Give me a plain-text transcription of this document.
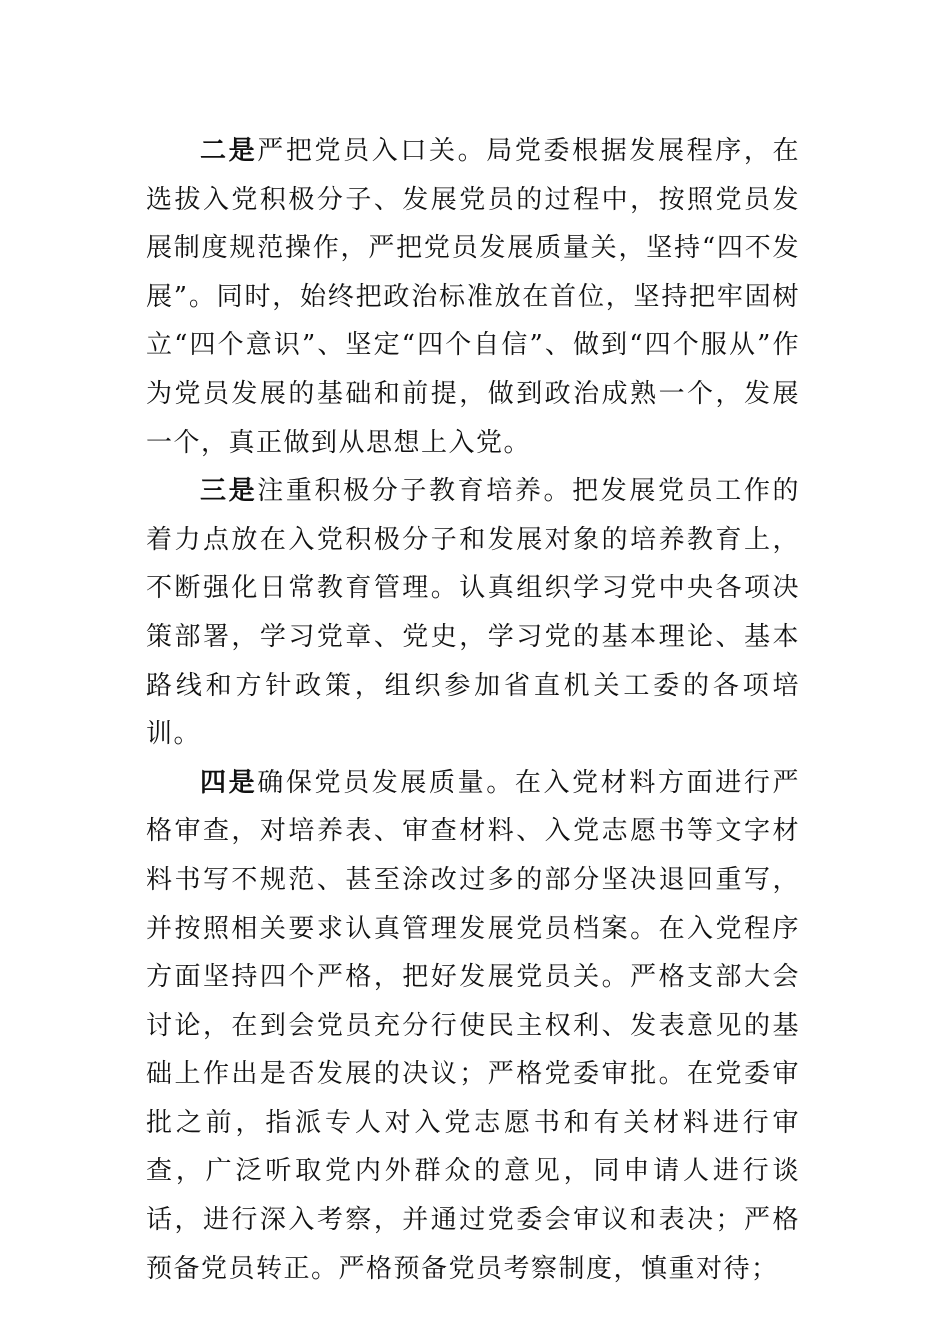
二是严把党员入口关。局党委根据发展程序，在选拔入党积极分子、发展党员的过程中，按照党员发展制度规范操作，严把党员发展质量关，坚持“四不发展”。同时，始终把政治标准放在首位，坚持把牢固树立“四个意识”、坚定“四个自信”、做到“四个服从”作为党员发展的基础和前提，做到政治成熟一个，发展一个，真正做到从思想上入党。

三是注重积极分子教育培养。把发展党员工作的着力点放在入党积极分子和发展对象的培养教育上，不断强化日常教育管理。认真组织学习党中央各项决策部署，学习党章、党史，学习党的基本理论、基本路线和方针政策，组织参加省直机关工委的各项培训。

四是确保党员发展质量。在入党材料方面进行严格审查，对培养表、审查材料、入党志愿书等文字材料书写不规范、甚至涂改过多的部分坚决退回重写，并按照相关要求认真管理发展党员档案。在入党程序方面坚持四个严格，把好发展党员关。严格支部大会讨论，在到会党员充分行使民主权利、发表意见的基础上作出是否发展的决议；严格党委审批。在党委审批之前，指派专人对入党志愿书和有关材料进行审查，广泛听取党内外群众的意见，同申请人进行谈话，进行深入考察，并通过党委会审议和表决；严格预备党员转正。严格预备党员考察制度，慎重对待；
